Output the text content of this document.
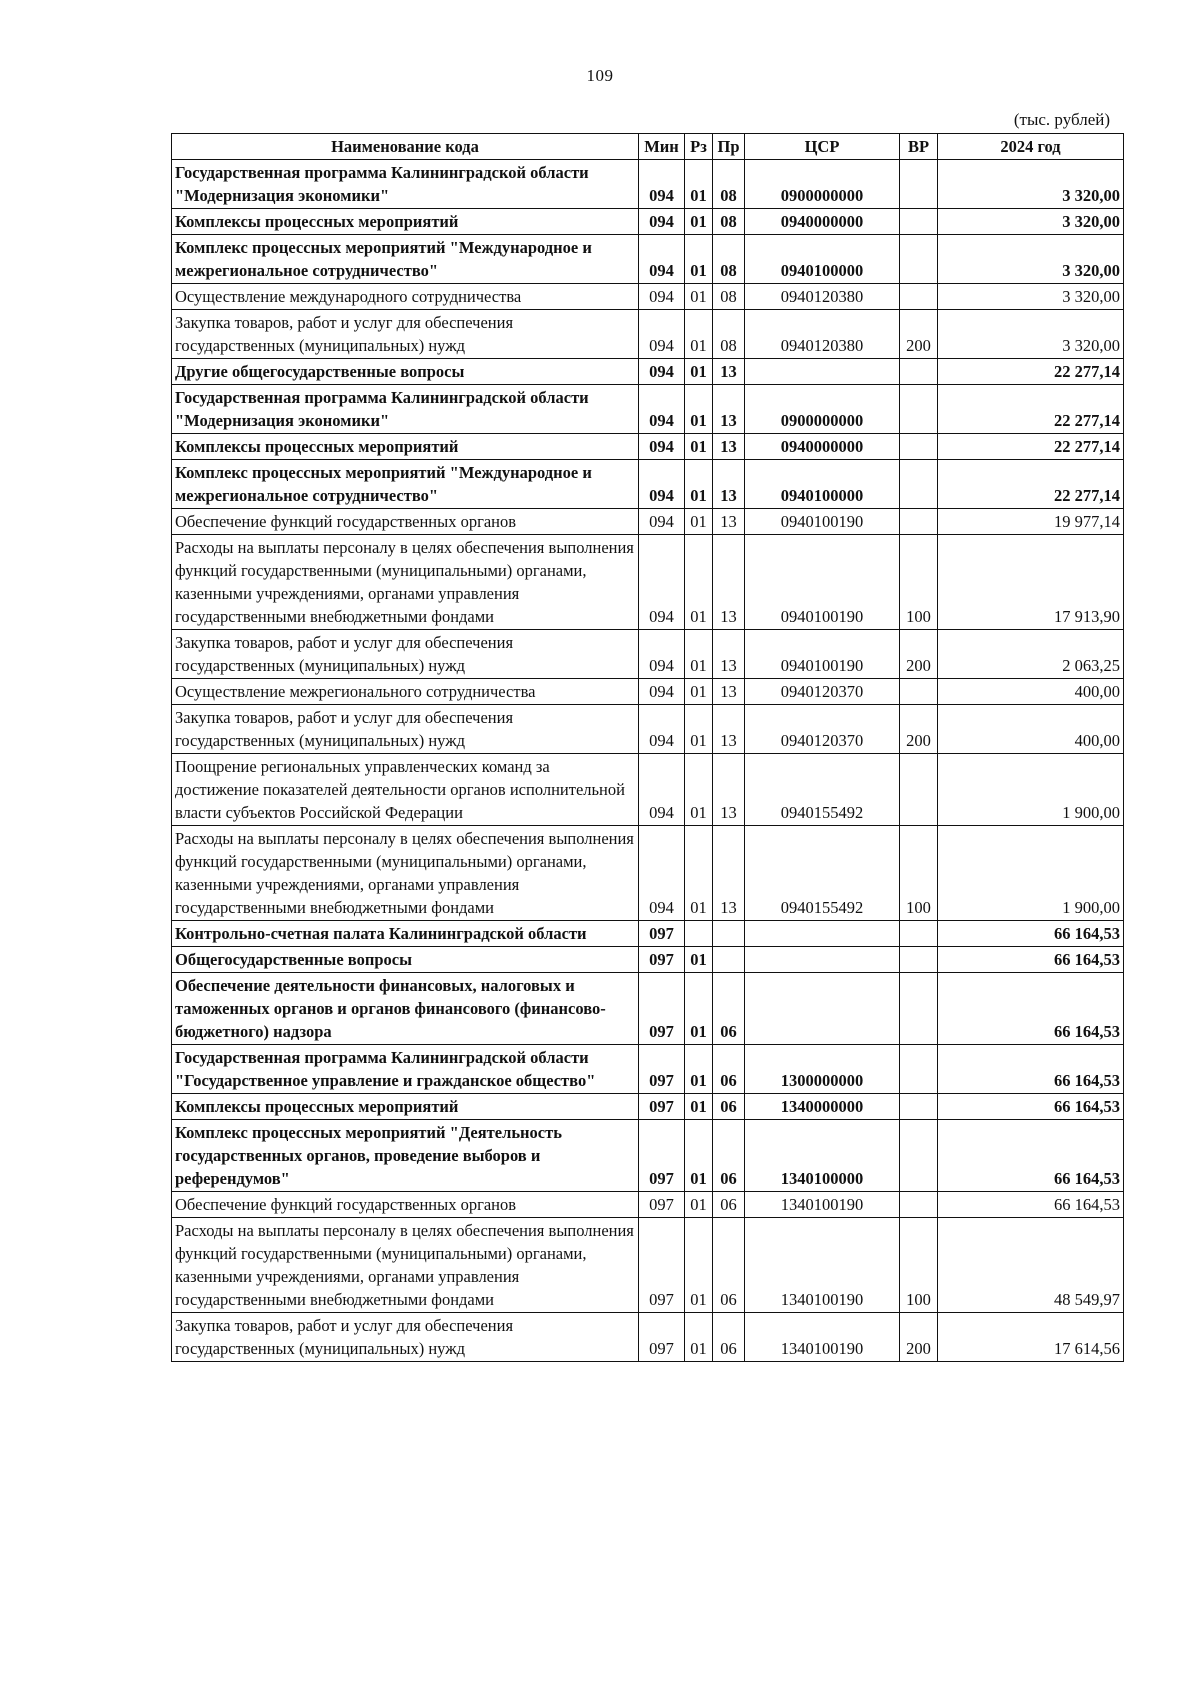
109
(тыс. рублей)
Наименование кода	Мин	Рз	Пр	ЦСР	ВР	2024 год
Государственная программа Калининградской области "Модернизация экономики"	094	01	08	0900000000		3 320,00
Комплексы процессных мероприятий	094	01	08	0940000000		3 320,00
Комплекс процессных мероприятий "Международное и межрегиональное сотрудничество"	094	01	08	0940100000		3 320,00
Осуществление международного сотрудничества	094	01	08	0940120380		3 320,00
Закупка товаров, работ и услуг для обеспечения государственных (муниципальных) нужд	094	01	08	0940120380	200	3 320,00
Другие общегосударственные вопросы	094	01	13			22 277,14
Государственная программа Калининградской области "Модернизация экономики"	094	01	13	0900000000		22 277,14
Комплексы процессных мероприятий	094	01	13	0940000000		22 277,14
Комплекс процессных мероприятий "Международное и межрегиональное сотрудничество"	094	01	13	0940100000		22 277,14
Обеспечение функций государственных органов	094	01	13	0940100190		19 977,14
Расходы на выплаты персоналу в целях обеспечения выполнения функций государственными (муниципальными) органами, казенными учреждениями, органами управления государственными внебюджетными фондами	094	01	13	0940100190	100	17 913,90
Закупка товаров, работ и услуг для обеспечения государственных (муниципальных) нужд	094	01	13	0940100190	200	2 063,25
Осуществление межрегионального сотрудничества	094	01	13	0940120370		400,00
Закупка товаров, работ и услуг для обеспечения государственных (муниципальных) нужд	094	01	13	0940120370	200	400,00
Поощрение региональных управленческих команд за достижение показателей деятельности органов исполнительной власти субъектов Российской Федерации	094	01	13	0940155492		1 900,00
Расходы на выплаты персоналу в целях обеспечения выполнения функций государственными (муниципальными) органами, казенными учреждениями, органами управления государственными внебюджетными фондами	094	01	13	0940155492	100	1 900,00
Контрольно-счетная палата Калининградской области	097					66 164,53
Общегосударственные вопросы	097	01				66 164,53
Обеспечение деятельности финансовых, налоговых и таможенных органов и органов финансового (финансово-бюджетного) надзора	097	01	06			66 164,53
Государственная программа Калининградской области "Государственное управление и гражданское общество"	097	01	06	1300000000		66 164,53
Комплексы процессных мероприятий	097	01	06	1340000000		66 164,53
Комплекс процессных мероприятий "Деятельность государственных органов, проведение выборов и референдумов"	097	01	06	1340100000		66 164,53
Обеспечение функций государственных органов	097	01	06	1340100190		66 164,53
Расходы на выплаты персоналу в целях обеспечения выполнения функций государственными (муниципальными) органами, казенными учреждениями, органами управления государственными внебюджетными фондами	097	01	06	1340100190	100	48 549,97
Закупка товаров, работ и услуг для обеспечения государственных (муниципальных) нужд	097	01	06	1340100190	200	17 614,56
